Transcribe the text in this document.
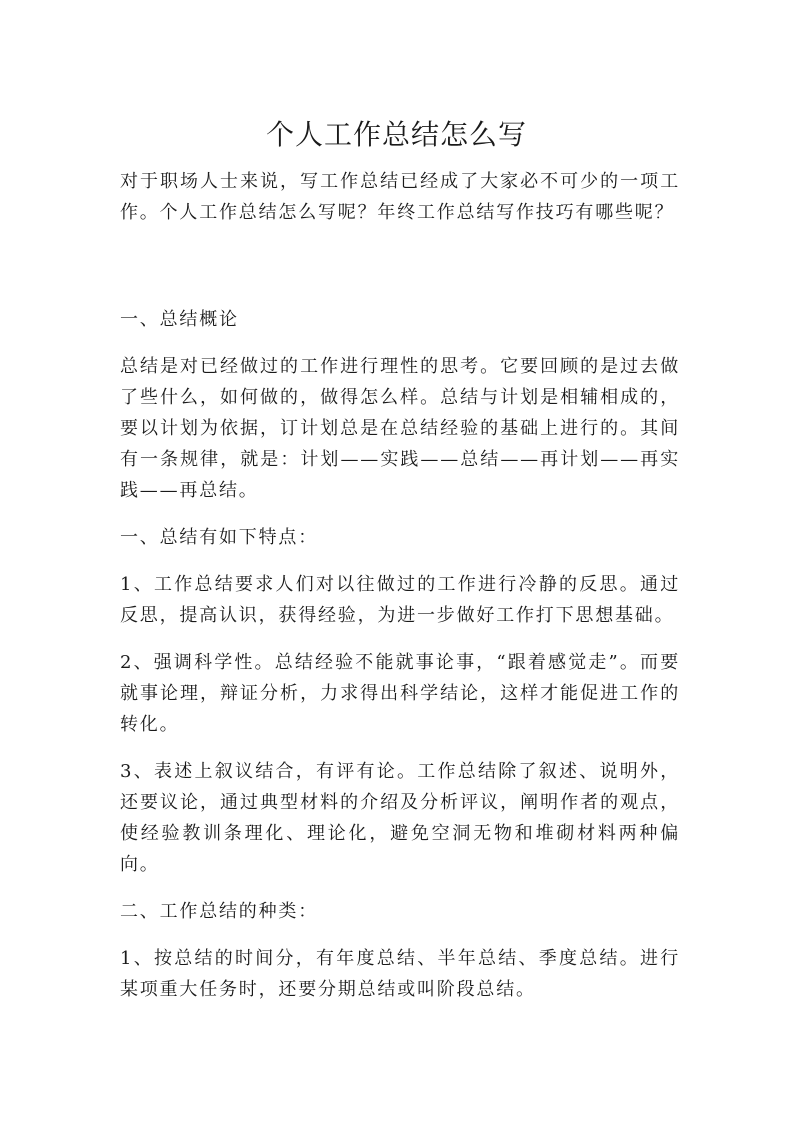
个人工作总结怎么写

对于职场人士来说，写工作总结已经成了大家必不可少的一项工作。个人工作总结怎么写呢？年终工作总结写作技巧有哪些呢？

一、总结概论

总结是对已经做过的工作进行理性的思考。它要回顾的是过去做了些什么，如何做的，做得怎么样。总结与计划是相辅相成的，要以计划为依据，订计划总是在总结经验的基础上进行的。其间有一条规律，就是：计划——实践——总结——再计划——再实践——再总结。

一、总结有如下特点：

1、工作总结要求人们对以往做过的工作进行冷静的反思。通过反思，提高认识，获得经验，为进一步做好工作打下思想基础。

2、强调科学性。总结经验不能就事论事，“跟着感觉走”。而要就事论理，辩证分析，力求得出科学结论，这样才能促进工作的转化。

3、表述上叙议结合，有评有论。工作总结除了叙述、说明外，还要议论，通过典型材料的介绍及分析评议，阐明作者的观点，使经验教训条理化、理论化，避免空洞无物和堆砌材料两种偏向。

二、工作总结的种类：

1、按总结的时间分，有年度总结、半年总结、季度总结。进行某项重大任务时，还要分期总结或叫阶段总结。
